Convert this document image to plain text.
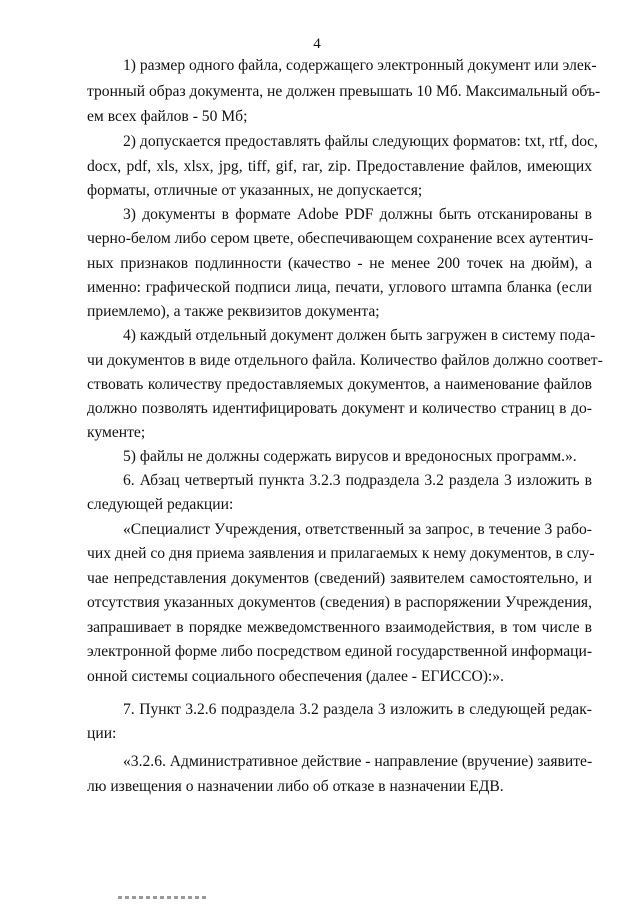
4

1) размер одного файла, содержащего электронный документ или элек-

тронный образ документа, не должен превышать 10 Мб. Максимальный объ-

ем всех файлов - 50 Мб;

2) допускается предоставлять файлы следующих форматов: txt, rtf, doc,

docx, pdf, xls, xlsx, jpg, tiff, gif, rar, zip. Предоставление файлов, имеющих

форматы, отличные от указанных, не допускается;

3) документы в формате Adobe PDF должны быть отсканированы в

черно-белом либо сером цвете, обеспечивающем сохранение всех аутентич-

ных признаков подлинности (качество - не менее 200 точек на дюйм), а

именно: графической подписи лица, печати, углового штампа бланка (если

приемлемо), а также реквизитов документа;

4) каждый отдельный документ должен быть загружен в систему пода-

чи документов в виде отдельного файла. Количество файлов должно соответ-

ствовать количеству предоставляемых документов, а наименование файлов

должно позволять идентифицировать документ и количество страниц в до-

кументе;

5) файлы не должны содержать вирусов и вредоносных программ.».

6. Абзац четвертый пункта 3.2.3 подраздела 3.2 раздела 3 изложить в

следующей редакции:

«Специалист Учреждения, ответственный за запрос, в течение 3 рабо-

чих дней со дня приема заявления и прилагаемых к нему документов, в слу-

чае непредставления документов (сведений) заявителем самостоятельно, и

отсутствия указанных документов (сведения) в распоряжении Учреждения,

запрашивает в порядке межведомственного взаимодействия, в том числе в

электронной форме либо посредством единой государственной информаци-

онной системы социального обеспечения (далее - ЕГИССО):».

7. Пункт 3.2.6 подраздела 3.2 раздела 3 изложить в следующей редак-

ции:

«3.2.6. Административное действие - направление (вручение) заявите-

лю извещения о назначении либо об отказе в назначении ЕДВ.
